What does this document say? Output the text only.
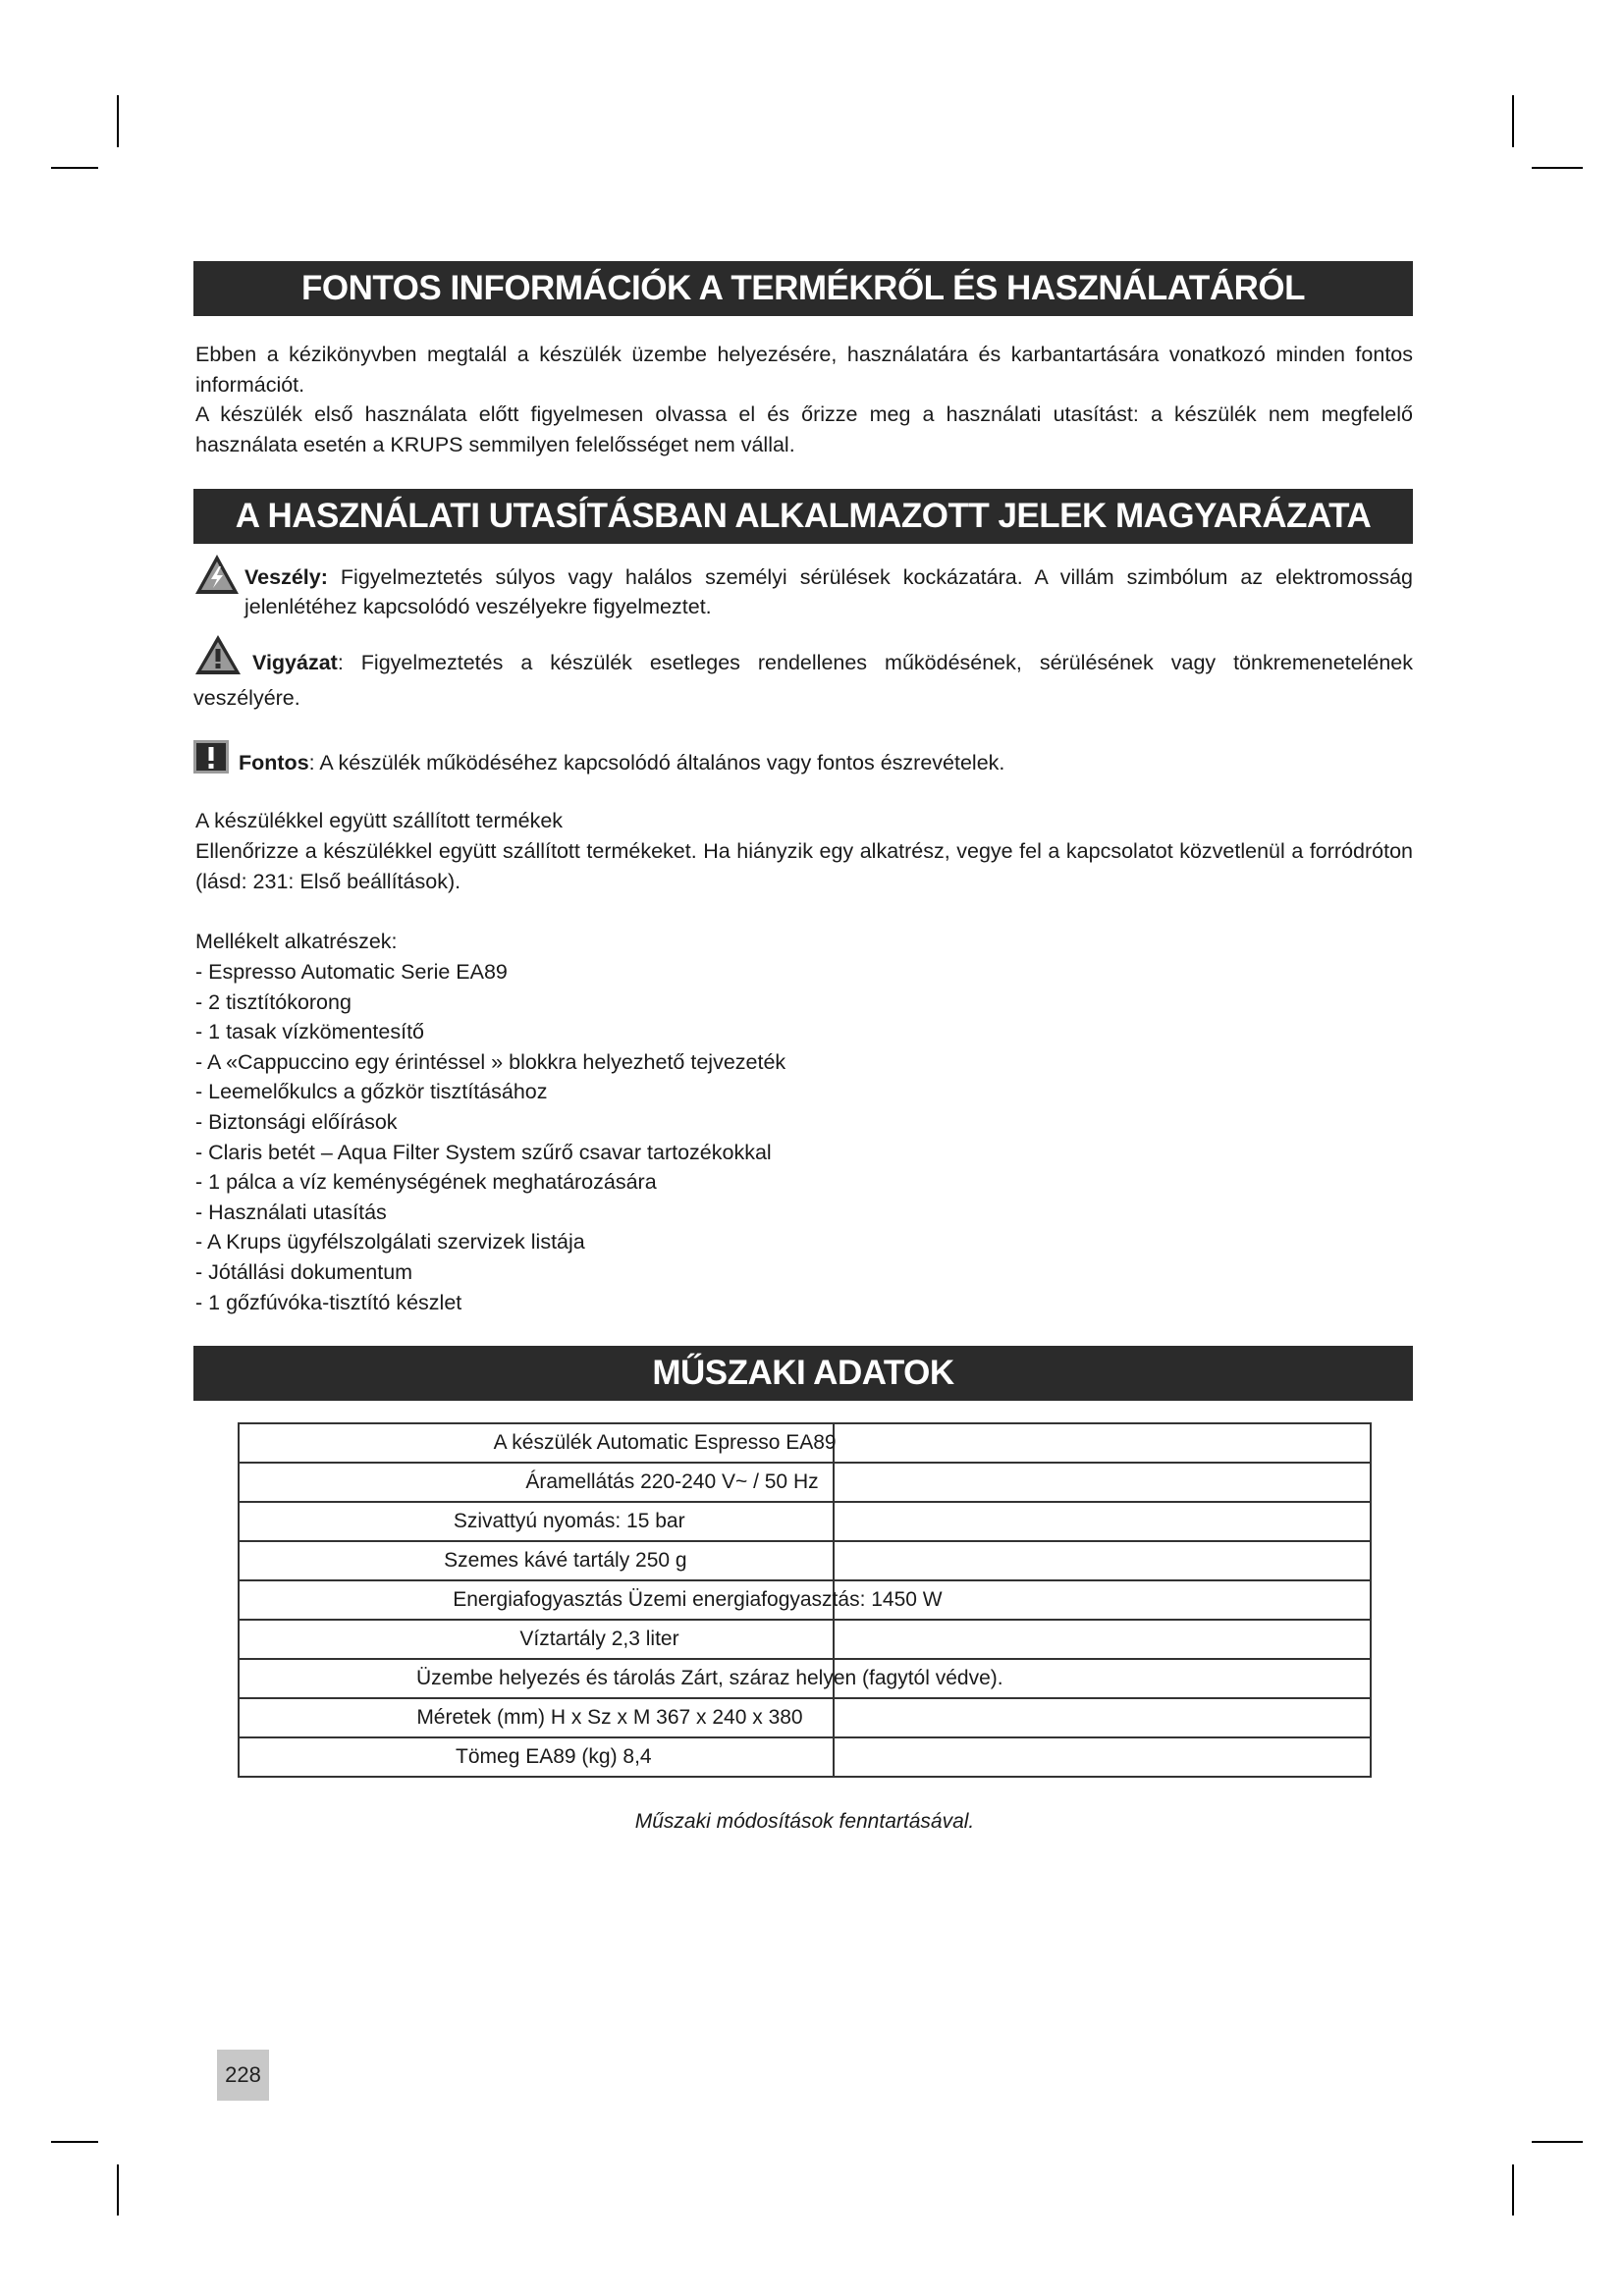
FONTOS INFORMÁCIÓK A TERMÉKRŐL ÉS HASZNÁLATÁRÓL

Ebben a kézikönyvben megtalál a készülék üzembe helyezésére, használatára és karbantartására vonatkozó minden fontos információt.

A készülék első használata előtt figyelmesen olvassa el és őrizze meg a használati utasítást: a készülék nem megfelelő használata esetén a KRUPS semmilyen felelősséget nem vállal.

A HASZNÁLATI UTASÍTÁSBAN ALKALMAZOTT JELEK MAGYARÁZATA
Veszély: Figyelmeztetés súlyos vagy halálos személyi sérülések kockázatára. A villám szimbólum az elektromosság jelenlétéhez kapcsolódó veszélyekre figyelmeztet.
Vigyázat: Figyelmeztetés a készülék esetleges rendellenes működésének, sérülésének vagy tönkremenetelének veszélyére.
Fontos: A készülék működéséhez kapcsolódó általános vagy fontos észrevételek.

A készülékkel együtt szállított termékek

Ellenőrizze a készülékkel együtt szállított termékeket. Ha hiányzik egy alkatrész, vegye fel a kapcsolatot közvetlenül a forródróton (lásd: 231: Első beállítások).

Mellékelt alkatrészek:

- Espresso Automatic Serie EA89
- 2 tisztítókorong
- 1 tasak vízkömentesítő
- A «Cappuccino egy érintéssel » blokkra helyezhető tejvezeték
- Leemelőkulcs a gőzkör tisztításához
- Biztonsági előírások
- Claris betét – Aqua Filter System szűrő csavar tartozékokkal
- 1 pálca a víz keménységének meghatározására
- Használati utasítás
- A Krups ügyfélszolgálati szervizek listája
- Jótállási dokumentum
- 1 gőzfúvóka-tisztító készlet
MŰSZAKI ADATOK
A készülék Automatic Espresso EA89	
Áramellátás 220-240 V~ / 50 Hz	
Szivattyú nyomás: 15 bar	
Szemes kávé tartály 250 g	
Energiafogyasztás Üzemi energiafogyasztás: 1450 W	
Víztartály 2,3 liter	
Üzembe helyezés és tárolás Zárt, száraz helyen (fagytól védve).	
Méretek (mm) H x Sz x M 367 x 240 x 380	
Tömeg EA89 (kg) 8,4	
Műszaki módosítások fenntartásával.
228
